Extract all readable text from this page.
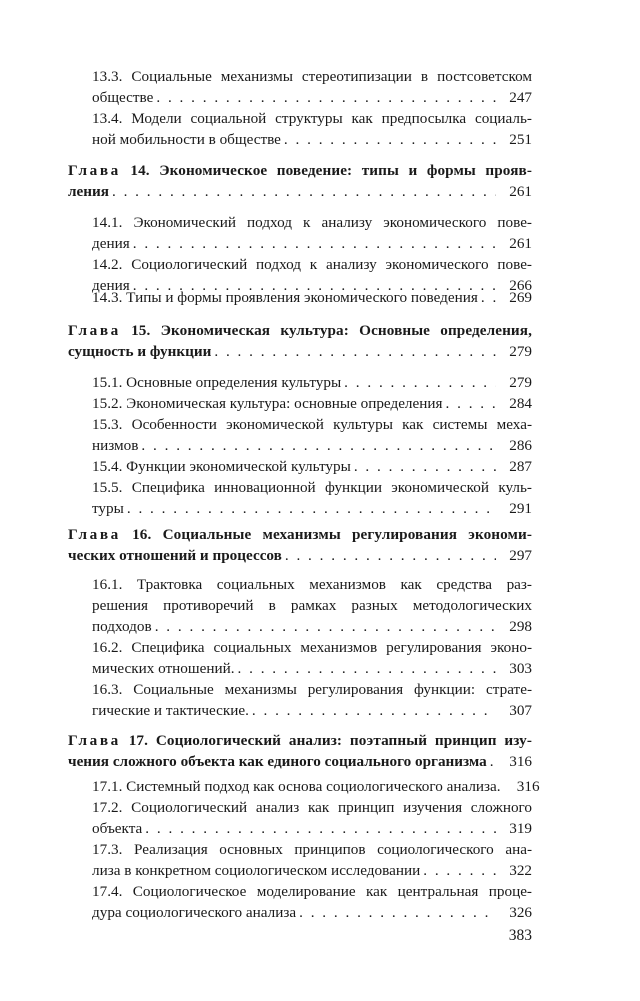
13.3. Социальные механизмы стереотипизации в постсоветском
обществе . . .	247
13.4. Модели социальной структуры как предпосылка социаль-
ной мобильности в обществе . . .	251
Глава 14. Экономическое поведение: типы и формы прояв-
ления . . .	261
14.1. Экономический подход к анализу экономического пове-
дения . . .	261
14.2. Социологический подход к анализу экономического пове-
дения . . .	266
14.3. Типы и формы проявления экономического поведения . . .	269
Глава 15. Экономическая культура: Основные определения,
сущность и функции . . .	279
15.1. Основные определения культуры . . .	279
15.2. Экономическая культура: основные определения . . .	284
15.3. Особенности экономической культуры как системы меха-
низмов . . .	286
15.4. Функции экономической культуры . . .	287
15.5. Специфика инновационной функции экономической куль-
туры . . .	291
Глава 16. Социальные механизмы регулирования экономи-
ческих отношений и процессов . . .	297
16.1. Трактовка социальных механизмов как средства раз-
решения противоречий в рамках разных методологических
подходов . . .	298
16.2. Специфика социальных механизмов регулирования эконо-
мических отношений. . . .	303
16.3. Социальные механизмы регулирования функции: страте-
гические и тактические. . . .	307
Глава 17. Социологический анализ: поэтапный принцип изу-
чения сложного объекта как единого социального организма . . .	316
17.1. Системный подход как основа социологического анализа.	316
17.2. Социологический анализ как принцип изучения сложного
объекта . . .	319
17.3. Реализация основных принципов социологического ана-
лиза в конкретном социологическом исследовании . . .	322
17.4. Социологическое моделирование как центральная проце-
дура социологического анализа . . .	326
383
